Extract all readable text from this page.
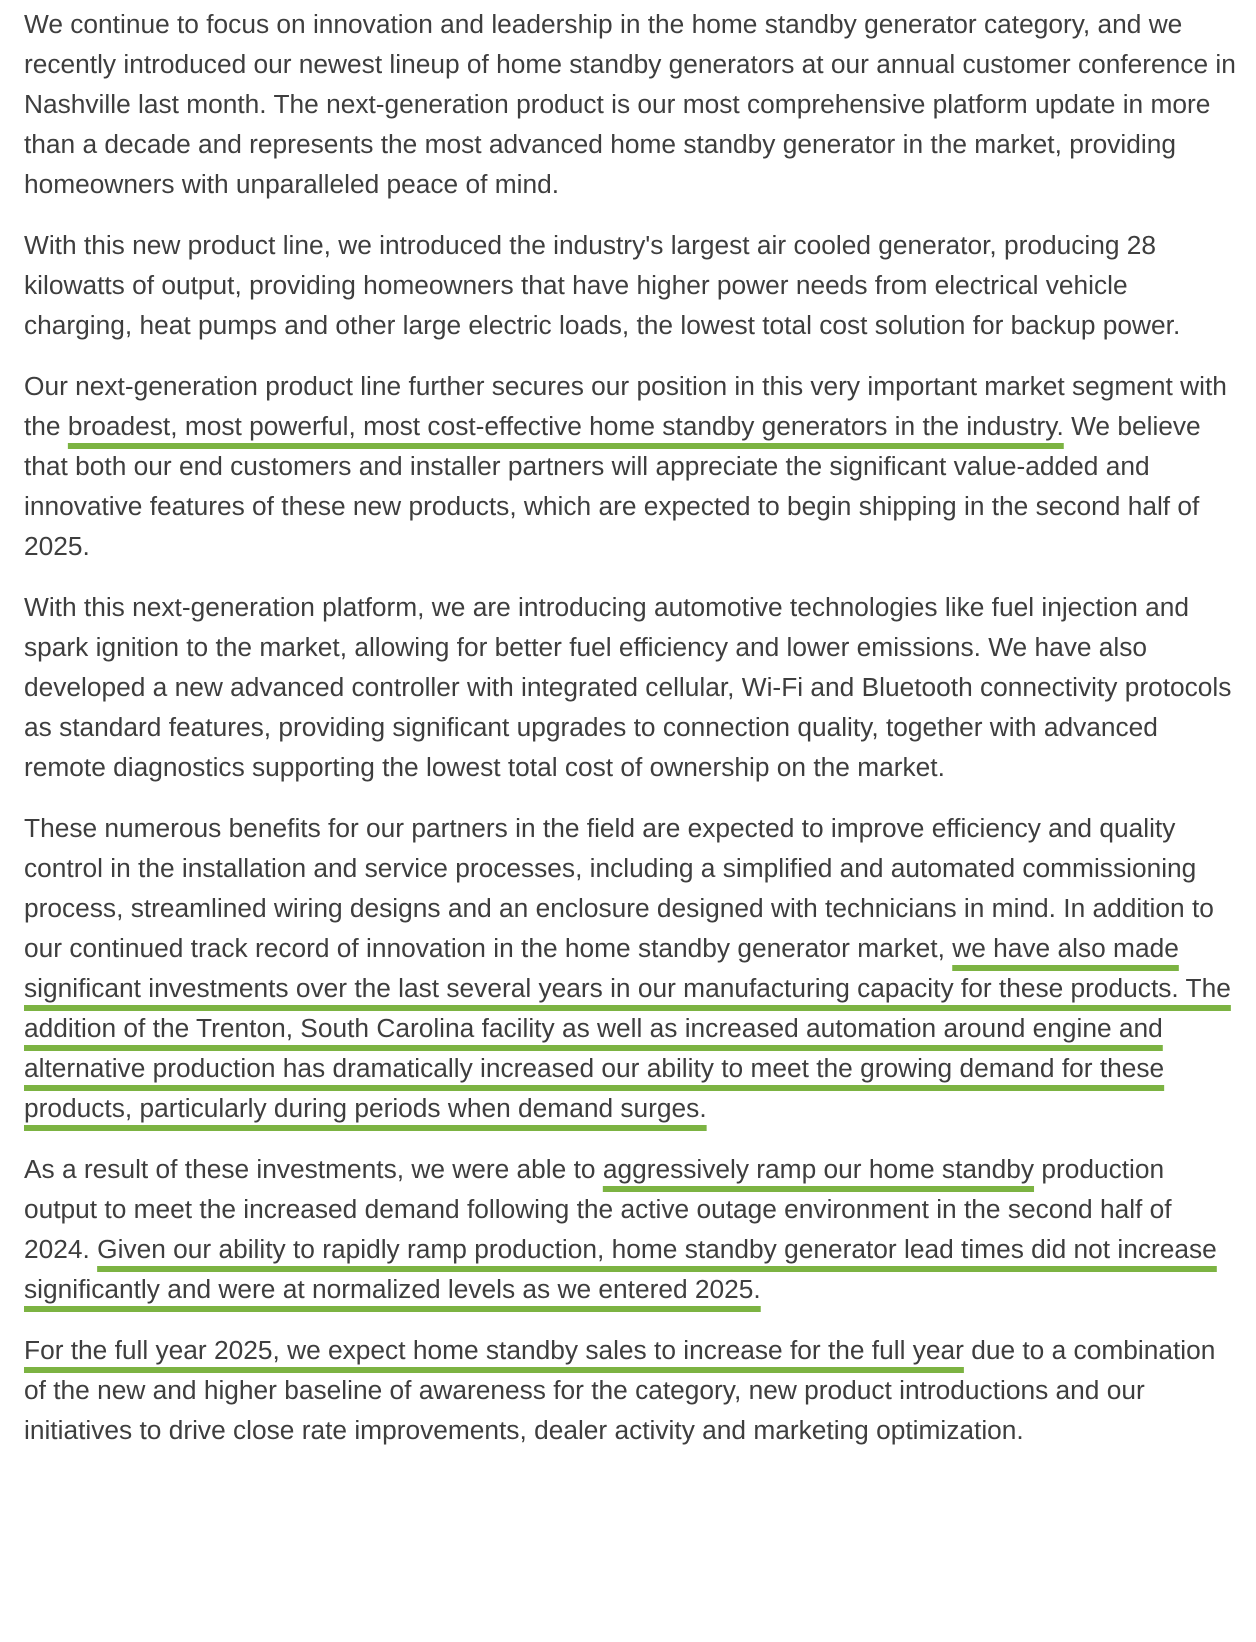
We continue to focus on innovation and leadership in the home standby generator category, and we recently introduced our newest lineup of home standby generators at our annual customer conference in Nashville last month. The next-generation product is our most comprehensive platform update in more than a decade and represents the most advanced home standby generator in the market, providing homeowners with unparalleled peace of mind.

With this new product line, we introduced the industry's largest air cooled generator, producing 28 kilowatts of output, providing homeowners that have higher power needs from electrical vehicle charging, heat pumps and other large electric loads, the lowest total cost solution for backup power.

Our next-generation product line further secures our position in this very important market segment with the broadest, most powerful, most cost-effective home standby generators in the industry. We believe that both our end customers and installer partners will appreciate the significant value-added and innovative features of these new products, which are expected to begin shipping in the second half of 2025.

With this next-generation platform, we are introducing automotive technologies like fuel injection and spark ignition to the market, allowing for better fuel efficiency and lower emissions. We have also developed a new advanced controller with integrated cellular, Wi-Fi and Bluetooth connectivity protocols as standard features, providing significant upgrades to connection quality, together with advanced remote diagnostics supporting the lowest total cost of ownership on the market.

These numerous benefits for our partners in the field are expected to improve efficiency and quality control in the installation and service processes, including a simplified and automated commissioning process, streamlined wiring designs and an enclosure designed with technicians in mind. In addition to our continued track record of innovation in the home standby generator market, we have also made significant investments over the last several years in our manufacturing capacity for these products. The addition of the Trenton, South Carolina facility as well as increased automation around engine and alternative production has dramatically increased our ability to meet the growing demand for these products, particularly during periods when demand surges.

As a result of these investments, we were able to aggressively ramp our home standby production output to meet the increased demand following the active outage environment in the second half of 2024. Given our ability to rapidly ramp production, home standby generator lead times did not increase significantly and were at normalized levels as we entered 2025.

For the full year 2025, we expect home standby sales to increase for the full year due to a combination of the new and higher baseline of awareness for the category, new product introductions and our initiatives to drive close rate improvements, dealer activity and marketing optimization.
